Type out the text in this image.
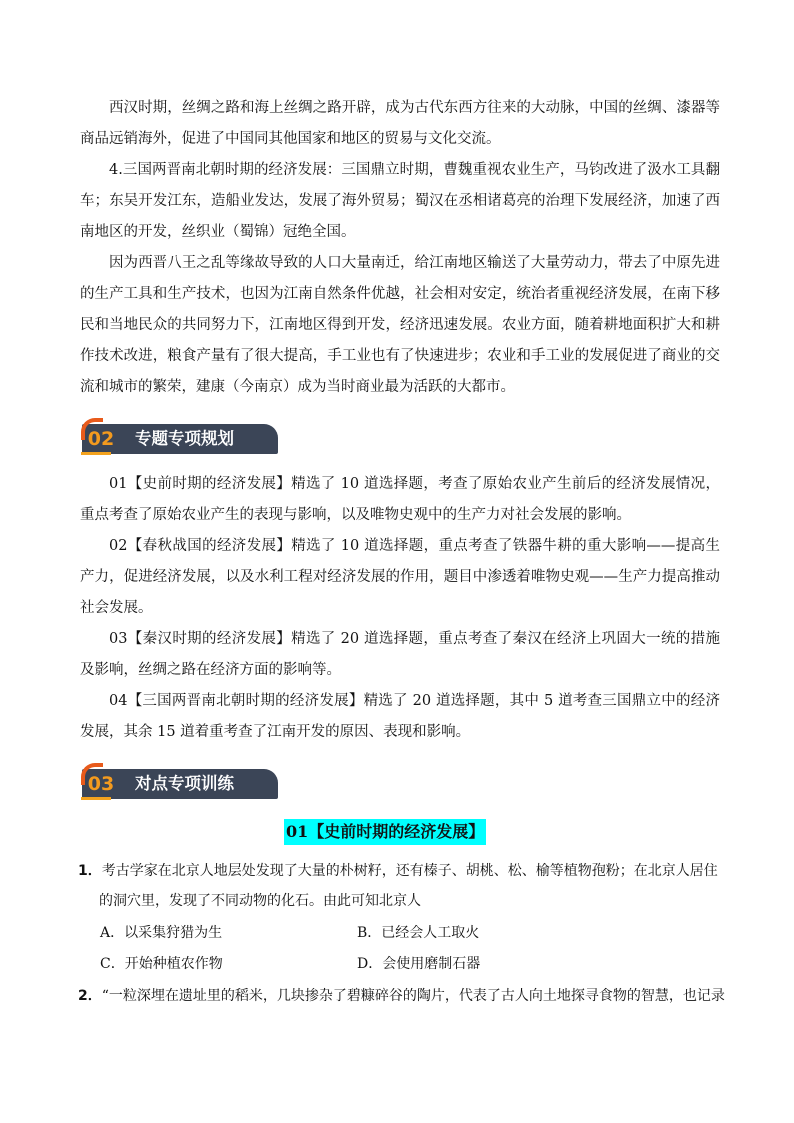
西汉时期，丝绸之路和海上丝绸之路开辟，成为古代东西方往来的大动脉，中国的丝绸、漆器等商品远销海外，促进了中国同其他国家和地区的贸易与文化交流。

4.三国两晋南北朝时期的经济发展：三国鼎立时期，曹魏重视农业生产，马钧改进了汲水工具翻车；东吴开发江东，造船业发达，发展了海外贸易；蜀汉在丞相诸葛亮的治理下发展经济，加速了西南地区的开发，丝织业（蜀锦）冠绝全国。

因为西晋八王之乱等缘故导致的人口大量南迁，给江南地区输送了大量劳动力，带去了中原先进的生产工具和生产技术，也因为江南自然条件优越，社会相对安定，统治者重视经济发展，在南下移民和当地民众的共同努力下，江南地区得到开发，经济迅速发展。农业方面，随着耕地面积扩大和耕作技术改进，粮食产量有了很大提高，手工业也有了快速进步；农业和手工业的发展促进了商业的交流和城市的繁荣，建康（今南京）成为当时商业最为活跃的大都市。

02	专题专项规划

01【史前时期的经济发展】精选了 10 道选择题，考查了原始农业产生前后的经济发展情况，重点考查了原始农业产生的表现与影响，以及唯物史观中的生产力对社会发展的影响。

02【春秋战国的经济发展】精选了 10 道选择题，重点考查了铁器牛耕的重大影响——提高生产力，促进经济发展，以及水利工程对经济发展的作用，题目中渗透着唯物史观——生产力提高推动社会发展。

03【秦汉时期的经济发展】精选了 20 道选择题，重点考查了秦汉在经济上巩固大一统的措施及影响，丝绸之路在经济方面的影响等。

04【三国两晋南北朝时期的经济发展】精选了 20 道选择题，其中 5 道考查三国鼎立中的经济发展，其余 15 道着重考查了江南开发的原因、表现和影响。

03	对点专项训练
01【史前时期的经济发展】
1．考古学家在北京人地层处发现了大量的朴树籽，还有榛子、胡桃、松、榆等植物孢粉；在北京人居住
的洞穴里，发现了不同动物的化石。由此可知北京人
A．以采集狩猎为生	B．已经会人工取火
C．开始种植农作物	D．会使用磨制石器
2．“一粒深埋在遗址里的稻米，几块掺杂了碧糠碎谷的陶片，代表了古人向土地探寻食物的智慧，也记录
